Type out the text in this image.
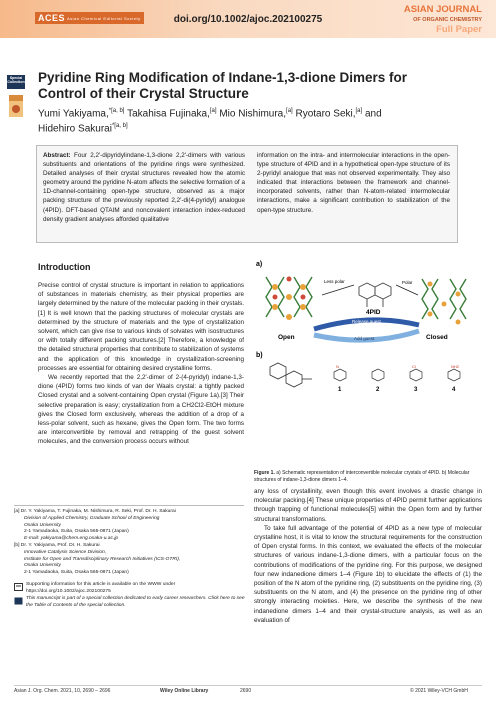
ACES Asian Chemical Editorial Society	doi.org/10.1002/ajoc.202100275
ASIAN JOURNAL
OF ORGANIC CHEMISTRY
Full Paper
Special Collection Pyridine Ring Modification of Indane-1,3-dione Dimers for Control of their Crystal Structure
Yumi Yakiyama,$^{*[a, b]}$ Takahisa Fujinaka,[a] Mio Nishimura,[a] Ryotaro Seki,[a] and
Hidehiro Sakurai$^{*[a, b]}$
Abstract: Four 2,2′-dipyridylindane-1,3-dione 2,2′-dimers with various substituents and orientations of the pyridine rings were synthesized. Detailed analyses of their crystal structures revealed how the atomic geometry around the pyridine N-atom affects the selective formation of a 1D-channel-containing open-type structure, observed as a major packing structure of the previously reported 2,2′-di(4-pyridyl) analogue (4PID). DFT-based QTAIM and noncovalent interaction index-reduced density gradient analyses afforded qualitative
information on the intra- and intermolecular interactions in the open-type structure of 4PID and in a hypothetical open-type structure of its 2-pyridyl analogue that was not observed experimentally. They also indicated that interactions between the framework and channel-incorporated solvents, rather than N-atom-related intermolecular interactions, make a significant contribution to stabilization of the open-type structure.
Introduction

Precise control of crystal structure is important in relation to applications of substances in materials chemistry, as their physical properties are largely determined by the nature of the molecular packing in their crystals.[1] It is well known that the packing structures of molecular crystals are determined by the structure of materials and the type of crystallization solvent, which can give rise to various kinds of solvates with isostructures or with totally different packing structures.[2] Therefore, a knowledge of the detailed structural properties that contribute to stabilization of systems and the application of this knowledge in crystallization-screening processes are essential for obtaining desired crystalline forms.

We recently reported that the 2,2′-dimer of 2-(4-pyridyl) indane-1,3-dione (4PID) forms two kinds of van der Waals crystal: a tightly packed Closed crystal and a solvent-containing Open crystal (Figure 1a).[3] Their selective preparation is easy; crystallization from a CH2Cl2-EtOH mixture gives the Closed form exclusively, whereas the addition of a drop of a less-polar solvent, such as hexane, gives the Open form. The two forms are interconvertible by removal and retrapping of the guest solvent molecules, and the conversion process occurs without

a)
Open	Closed
4PID
Less polar	Polar
Release guest
Add guest
b)
N	Cl	NH2
1	2	3	4
Figure 1. a) Schematic representation of interconvertible molecular crystals of 4PID. b) Molecular structures of indane-1,3-dione dimers 1–4.

any loss of crystallinity, even though this event involves a drastic change in molecular packing.[4] These unique properties of 4PID permit further applications through trapping of functional molecules[5] within the Open form and by further structural transformations.

To take full advantage of the potential of 4PID as a new type of molecular crystalline host, it is vital to know the structural requirements for the construction of Open crystal forms. In this context, we evaluated the effects of the molecular structures of various indane-1,3-dione dimers, with a particular focus on the contributions of modifications of the pyridine ring. For this purpose, we designed four new indanedione dimers 1–4 (Figure 1b) to elucidate the effects of (1) the position of the N atom of the pyridine ring, (2) substituents on the pyridine ring, (3) substituents on the N atom, and (4) the presence on the pyridine ring of other strongly interacting moieties. Here, we describe the synthesis of the new indanedione dimers 1–4 and their crystal-structure analysis, as well as an evaluation of

[a] Dr. Y. Yakiyama, T. Fujinaka, M. Nishimura, R. Seki, Prof. Dr. H. Sakurai
Division of Applied Chemistry, Graduate School of Engineering
Osaka University
2-1 Yamadaoka, Suita, Osaka 565-0871 (Japan)
E-mail: yakiyama@chem.eng.osaka-u.ac.jp
[b] Dr. Y. Yakiyama, Prof. Dr. H. Sakurai
Innovative Catalysis Science Division,
Institute for Open and Transdisciplinary Research Initiatives (ICS-OTRI),
Osaka University
2-1 Yamadaoka, Suita, Osaka 565-0871 (Japan)
Supporting information for this article is available on the WWW under https://doi.org/10.1002/ajoc.202100275
This manuscript is part of a special collection dedicated to early career researchers. Click here to see the Table of Contents of the special collection.
Asian J. Org. Chem. 2021, 10, 2690 – 2696	Wiley Online Library	2690	© 2021 Wiley-VCH GmbH
